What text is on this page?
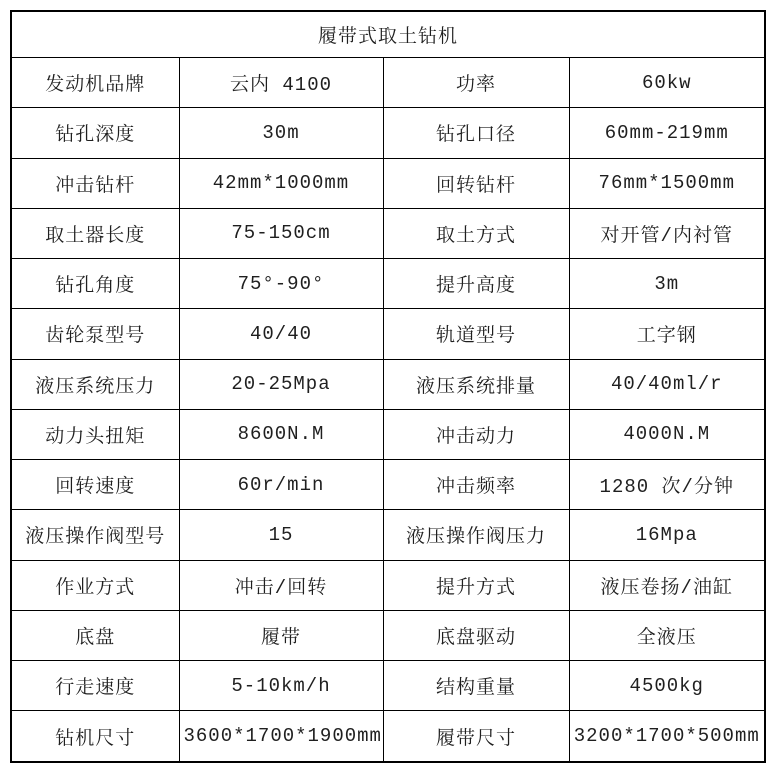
履带式取土钻机			
发动机品牌	云内 4100	功率	60kw
钻孔深度	30m	钻孔口径	60mm-219mm
冲击钻杆	42mm*1000mm	回转钻杆	76mm*1500mm
取土器长度	75-150cm	取土方式	对开管/内衬管
钻孔角度	75°-90°	提升高度	3m
齿轮泵型号	40/40	轨道型号	工字钢
液压系统压力	20-25Mpa	液压系统排量	40/40ml/r
动力头扭矩	8600N.M	冲击动力	4000N.M
回转速度	60r/min	冲击频率	1280 次/分钟
液压操作阀型号	15	液压操作阀压力	16Mpa
作业方式	冲击/回转	提升方式	液压卷扬/油缸
底盘	履带	底盘驱动	全液压
行走速度	5-10km/h	结构重量	4500kg
钻机尺寸	3600*1700*1900mm	履带尺寸	3200*1700*500mm
